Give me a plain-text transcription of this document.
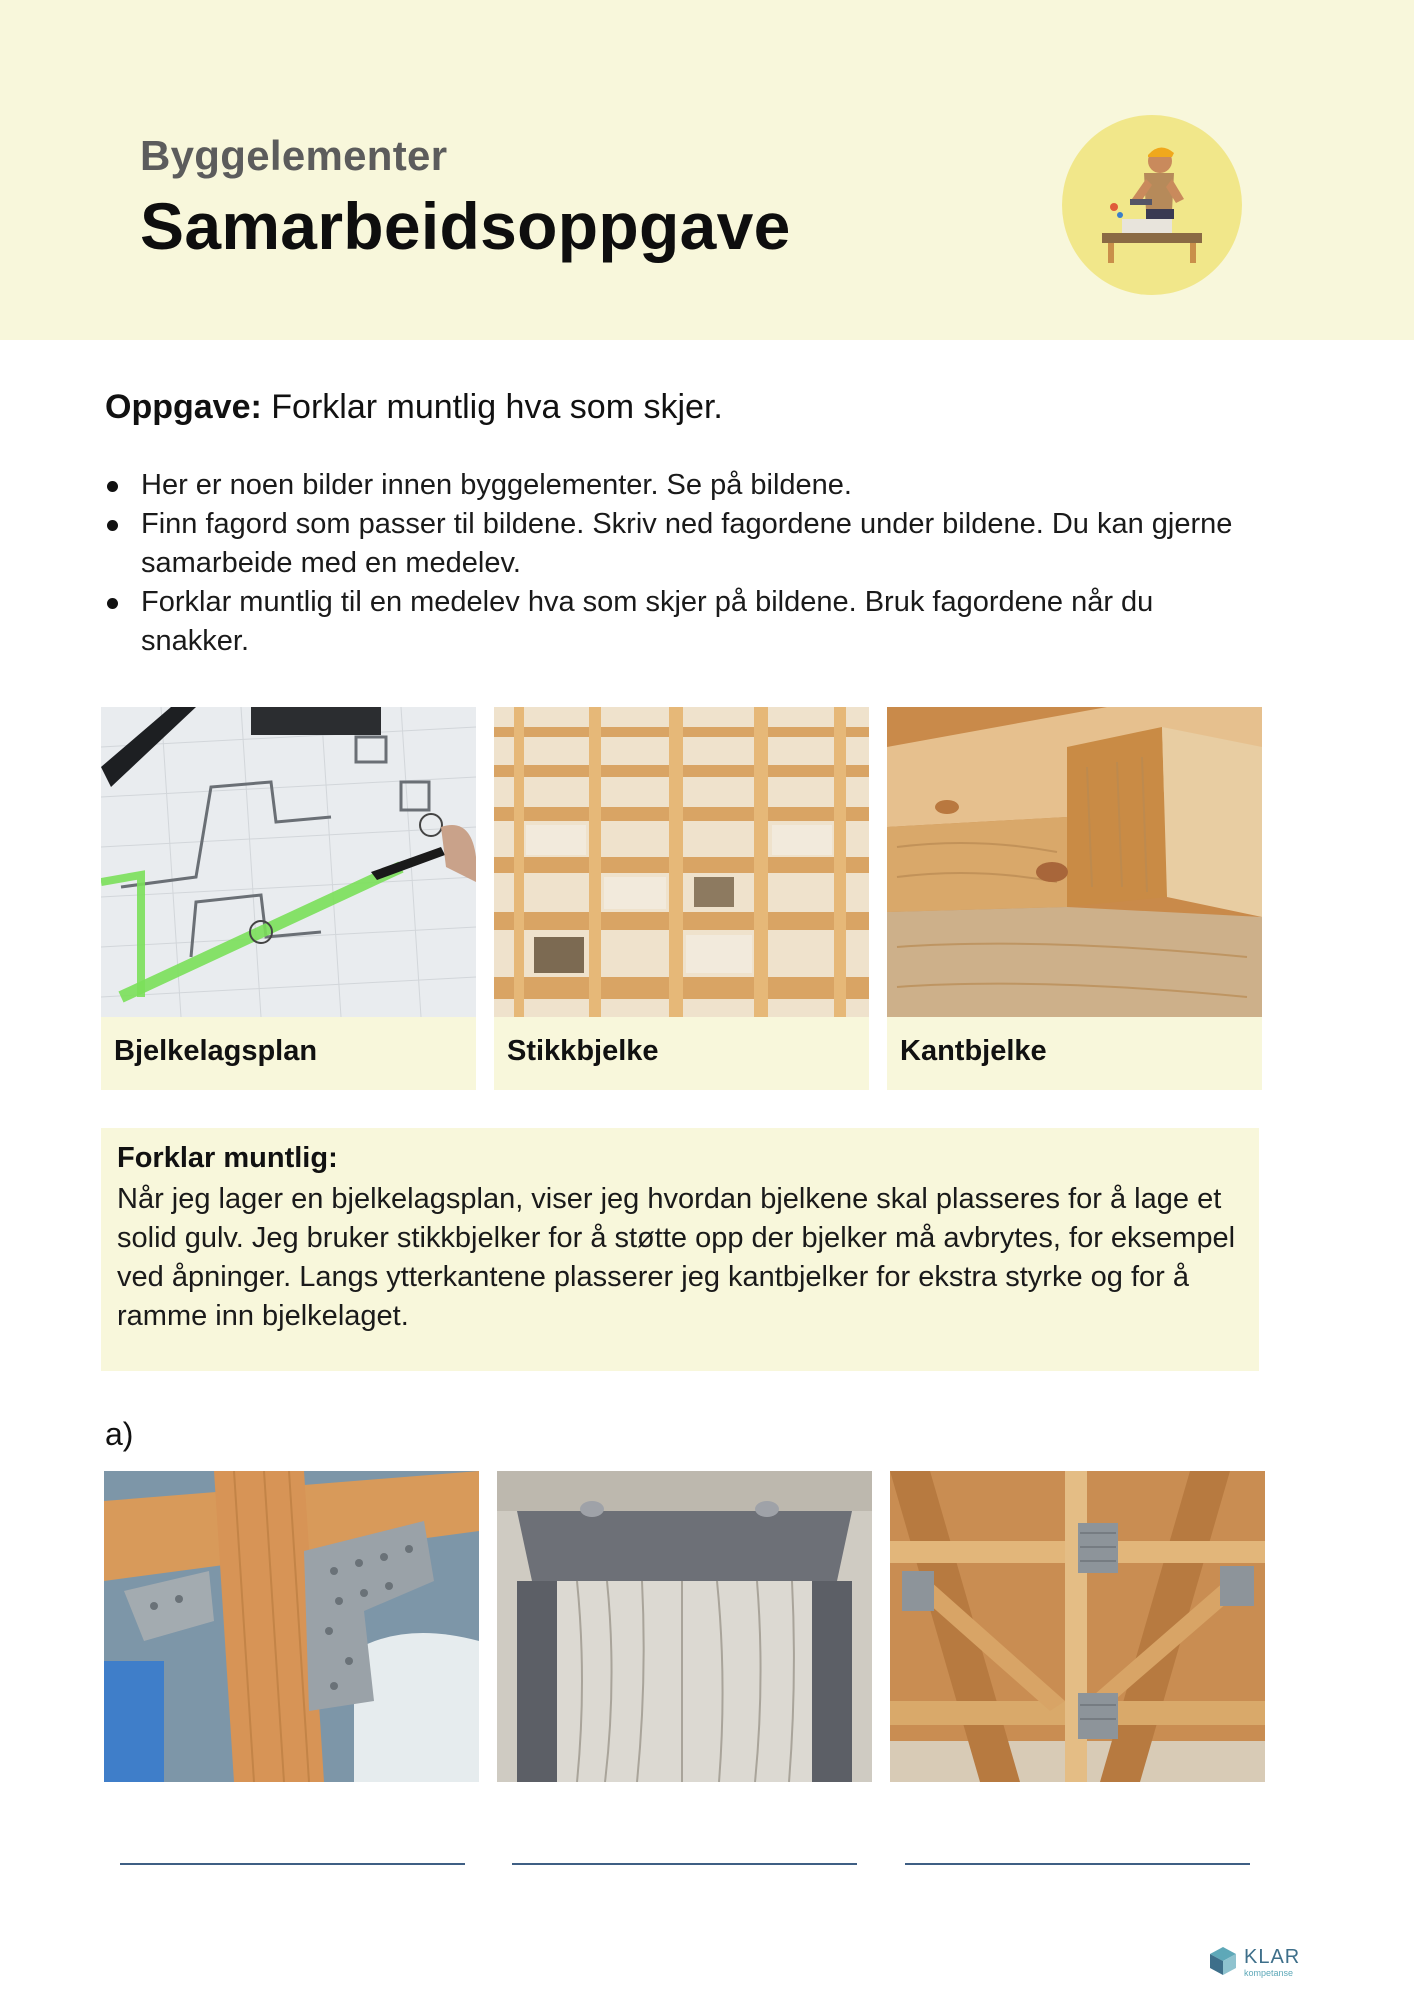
Byggelementer
Samarbeidsoppgave
Oppgave: Forklar muntlig hva som skjer.
Her er noen bilder innen byggelementer. Se på bildene.
Finn fagord som passer til bildene. Skriv ned fagordene under bildene. Du kan gjerne samarbeide med en medelev.
Forklar muntlig til en medelev hva som skjer på bildene. Bruk fagordene når du snakker.
Bjelkelagsplan	Stikkbjelke	Kantbjelke
Forklar muntlig:
Når jeg lager en bjelkelagsplan, viser jeg hvordan bjelkene skal plasseres for å lage et solid gulv. Jeg bruker stikkbjelker for å støtte opp der bjelker må avbrytes, for eksempel ved åpninger. Langs ytterkantene plasserer jeg kantbjelker for ekstra styrke og for å ramme inn bjelkelaget.
a)
KLAR
kompetanse
